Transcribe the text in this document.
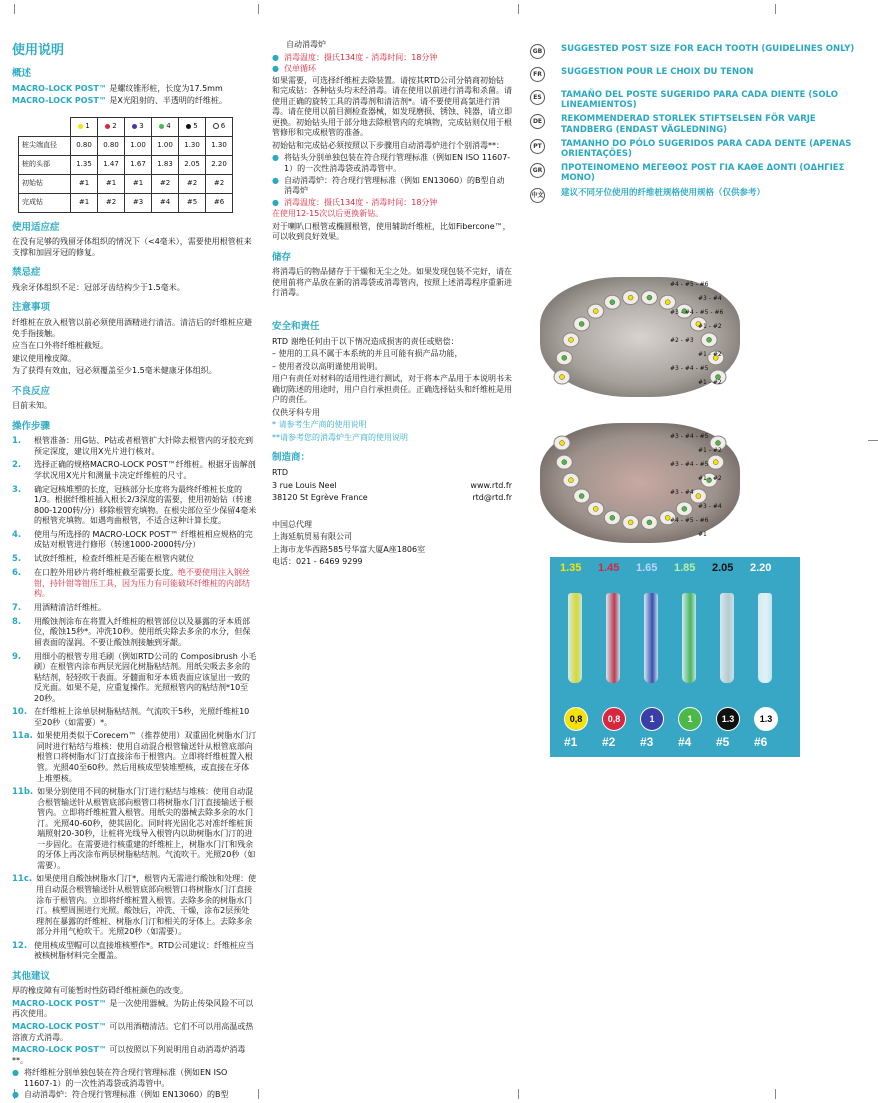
使用说明
概述

MACRO-LOCK POST™ 是螺纹锥形桩，长度为17.5mm

MACRO-LOCK POST™ 是X光阻射的、半透明的纤维桩。

	1	2	3	4	5	6
桩尖端直径	0.80	0.80	1.00	1.00	1.30	1.30
桩的头部	1.35	1.47	1.67	1.83	2.05	2.20
初始钻	#1	#1	#1	#2	#2	#2
完成钻	#1	#2	#3	#4	#5	#6
使用适应症

在没有足够的残留牙体组织的情况下（<4毫米），需要使用根管桩来支撑和加固牙冠的修复。

禁忌症

残余牙体组织不足：冠部牙齿结构少于1.5毫米。

注意事项

纤维桩在放入根管以前必须使用酒精进行清洁。清洁后的纤维桩应避免手指接触。

应当在口外将纤维桩截短。

建议使用橡皮障。

为了获得有效血，冠必须覆盖至少1.5毫米健康牙体组织。

不良反应

目前未知。

操作步骤
1.	根管准备：用G钻、P钻或者根管扩大针除去根管内的牙胶充到预定深度，建议用X光片进行核对。
2.	选择正确的规格MACRO-LOCK POST™纤维桩。根据牙齿解剖学状况用X光片和测量卡决定纤维桩的尺寸。
3.	确定冠核堆塑的长度，冠核部分长度将为最终纤维桩长度的1/3。根据纤维桩插入根长2/3深度的需要，使用初始钻（转速800-1200转/分）移除根管充填物。在根尖部位至少保留4毫米的根管充填物。如遇弯曲根管，不适合这种计算长度。
4.	使用与所选择的 MACRO-LOCK POST™ 纤维桩相应规格的完成钻对根管进行修形（转速1000-2000转/分）
5.	试放纤维桩，检查纤维桩是否能在根管内就位
6.	在口腔外用砂片将纤维桩截至需要长度。绝不要使用注入钢丝钳，持针钳等钳压工具，因为压力有可能破坏纤维桩的内部结构。
7.	用酒精清洁纤维桩。
8.	用酸蚀剂涂布在将置入纤维桩的根管部位以及暴露的牙本质部位，酸蚀15秒*。冲洗10秒。使用纸尖除去多余的水分，但保留表面的湿润。不要让酸蚀剂接触到牙龈。
9.	用细小的根管专用毛刷（例如RTD公司的 Composibrush 小毛刷）在根管内涂布两层光固化树脂粘结剂。用纸尖吸去多余的粘结剂，轻轻吹干表面。牙髓面和牙本质表面应该显出一致的反光面。如果不是，应重复操作。光照根管内的粘结剂*10至20秒。
10. 在纤维桩上涂单层树脂粘结剂。气流吹干5秒，光照纤维桩10至20秒（如需要）*。
11a. 如果使用类似于Corecem™（推荐使用）双重固化树脂水门汀同时进行粘结与堆核：使用自动混合根管输送针从根管底部向根管口将树脂水门汀直接涂布于根管内。立即将纤维桩置入根管。光照40至60秒。然后用核成型装堆塑核，或直接在牙体上堆塑核。
11b. 如果分别使用不同的树脂水门汀进行粘结与堆核：使用自动混合根管输送针从根管底部向根管口将树脂水门汀直接输送于根管内。立即将纤维桩置入根管。用纸尖的器械去除多余的水门汀。光照40-60秒，使其固化。同时将光固化芯对准纤维桩顶端照射20-30秒，让桩将光线导入根管内以助树脂水门汀的进一步固化。在需要进行核重建的纤维桩上，树脂水门汀和残余的牙体上再次涂布两层树脂粘结剂。气流吹干。光照20秒（如需要）。
11c. 如果使用自酸蚀树脂水门汀*，根管内无需进行酸蚀和处理：使用自动混合根管输送针从根管底部向根管口将树脂水门汀直接涂布于根管内。立即将纤维桩置入根管。去除多余的树脂水门汀。核塑周围进行光照。酸蚀后，冲洗、干燥，涂布2层预处理剂在暴露的纤维桩、树脂水门汀和相关的牙体上。去除多余部分并用气枪吹干。光照20秒（如需要）。
12. 使用核成型帽可以直接堆核塑作*。RTD公司建议：纤维桩应当被核树脂材料完全覆盖。
其他建议

厚的橡皮障有可能暂时性防碍纤维桩颜色的改变。

MACRO-LOCK POST™ 是一次使用器械。为防止传染风险不可以再次使用。

MACRO-LOCK POST™ 可以用酒精清洁。它们不可以用高温或热溶液方式消毒。

MACRO-LOCK POST™ 可以按照以下列说明用自动消毒炉消毒**。

● 将纤维桩分别单独包装在符合现行管理标准（例如EN ISO 11607-1）的一次性消毒袋或消毒管中。
● 自动消毒炉：符合现行管理标准（例如 EN13060）的B型

自动消毒炉

● 消毒温度：摄氏134度 - 消毒时间：18分钟
● 仅单循环

如果需要，可选择纤维桩去除装置。请按其RTD公司分销商初始钻和完成钻：各种钻头均未经消毒。请在使用以前进行消毒和杀菌。请使用正确的旋转工具的消毒剂和清洁剂*。请不要使用高氯进行消毒。请在使用以前目测检查器械，如发现磨损、锈蚀、钝器，请立即更换。初始钻头用于部分地去除根管内的充填物，完成钻则仅用于根管修形和完成根管的准备。

初始钻和完成钻必须按照以下步骤用自动消毒炉进行个别消毒**：

● 将钻头分别单独包装在符合现行管理标准（例如EN ISO 11607-1）的一次性消毒袋或消毒管中。
● 自动消毒炉：符合现行管理标准（例如 EN13060）的B型自动消毒炉
● 消毒温度：摄氏134度 - 消毒时间：18分钟

在使用12-15次以后更换新钻。

对于喇叭口根管或椭圆根管，使用辅助纤维桩，比如Fibercone™，可以收到良好效果。

储存

将消毒后的物品储存于干燥和无尘之处。如果发现包装不完好，请在使用前将产品放在新的消毒袋或消毒管内，按照上述消毒程序重新进行消毒。

安全和责任

RTD 谢绝任何由于以下情况造成损害的责任或赔偿：

– 使用的工具不属于本系统的并且可能有损产品功能，

– 使用者没以高明谨使用说明。

用户有责任对材料的适用性进行测试，对于将本产品用于本说明书未确切陈述的用途时，用户自行承担责任。正确选择钻头和纤维桩是用户的责任。

仅供牙科专用

* 请参考生产商的使用说明

**请参考您的消毒炉生产商的使用说明

制造商：

RTD

3 rue Louis Neel	www.rtd.fr

38120 St Egrève France	rtd@rtd.fr

中国总代理

上海延航贸易有限公司

上海市龙华西路585号华富大厦A座1806室

电话：021 - 6469 9299

GB	SUGGESTED POST SIZE FOR EACH TOOTH (GUIDELINES ONLY)
FR	SUGGESTION POUR LE CHOIX DU TENON
ES	TAMAÑO DEL POSTE SUGERIDO PARA CADA DIENTE (SOLO LINEAMIENTOS)
DE	REKOMMENDERAD STORLEK STIFTSELSEN FÖR VARJE TANDBERG (ENDAST VÄGLEDNING)
PT	TAMANHO DO PÓLO SUGERIDOS PARA CADA DENTE (APENAS ORIENTAÇÕES)
GR	ΠΡΟΤΕΙΝΟΜΕΝΟ ΜΕΓΕΘΟΣ POST ΓΙΑ ΚΑΘΕ ΔΟΝΤΙ (ΟΔΗΓΙΕΣ ΜΟΝΟ)
中文 建议不同牙位使用的纤维桩规格使用规格（仅供参考）
#4 - #5 - #6
#3 - #4
#3 - #4 - #5 - #6
#1 - #2
#2 - #3
#1 - #2
#3 - #4 - #5
#1 - #2
#3 - #4 - #5
#1 - #2
#3 - #4 - #5
#1 - #2
#3 - #4
#3 - #4
#4 - #5 - #6
#1
1.35
0,8
#1
1.45
0,8
#2
1.65
1
#3
1.85
1
#4
2.05
1.3
#5
2.20
1.3
#6
